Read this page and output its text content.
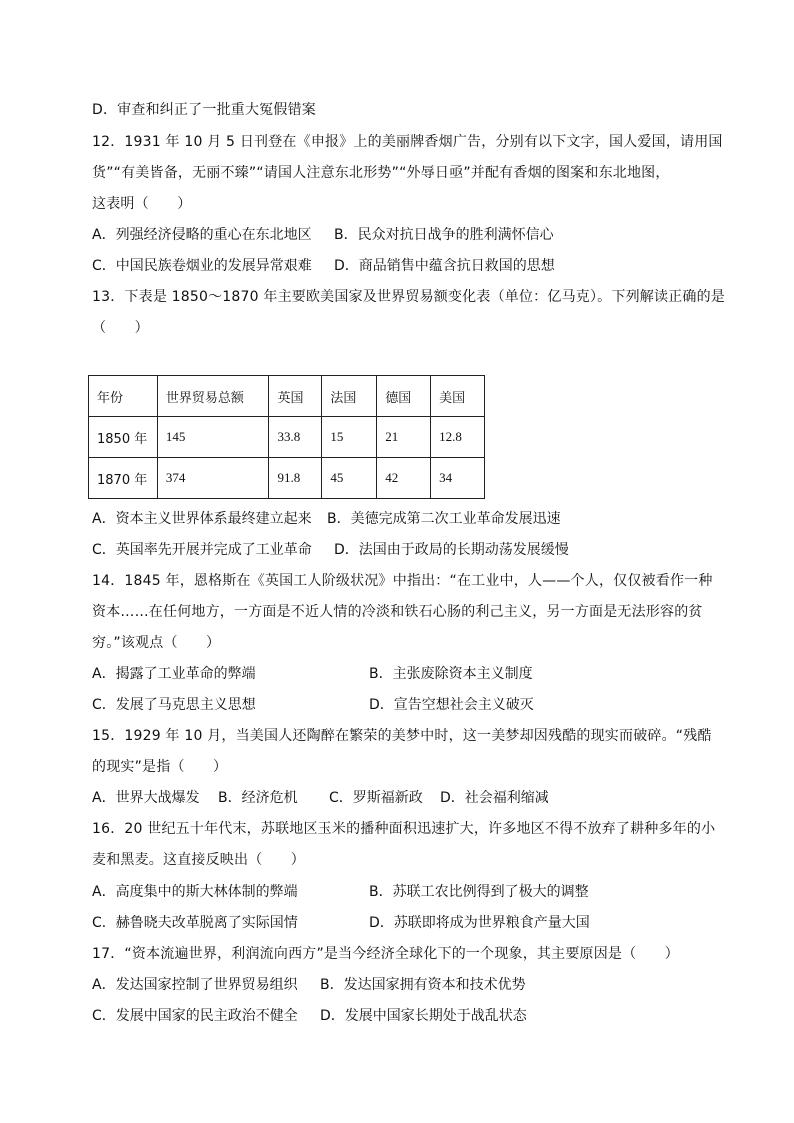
D．审查和纠正了一批重大冤假错案
12．1931 年 10 月 5 日刊登在《申报》上的美丽牌香烟广告，分别有以下文字，国人爱国，请用国
货”“有美皆备，无丽不臻”“请国人注意东北形势”“外辱日亟”并配有香烟的图案和东北地图，
这表明（　　）
A．列强经济侵略的重心在东北地区 B．民众对抗日战争的胜利满怀信心
C．中国民族卷烟业的发展异常艰难 D．商品销售中蕴含抗日救国的思想
13．下表是 1850～1870 年主要欧美国家及世界贸易额变化表（单位：亿马克）。下列解读正确的是
（　　）
年份	世界贸易总额	英国	法国	德国	美国
1850 年	145	33.8	15	21	12.8
1870 年	374	91.8	45	42	34
A．资本主义世界体系最终建立起来 B．美德完成第二次工业革命发展迅速
C．英国率先开展并完成了工业革命 D．法国由于政局的长期动荡发展缓慢
14．1845 年，恩格斯在《英国工人阶级状况》中指出：“在工业中，人——个人，仅仅被看作一种
资本……在任何地方，一方面是不近人情的冷淡和铁石心肠的利己主义，另一方面是无法形容的贫
穷。”该观点（　　）
A．揭露了工业革命的弊端	B．主张废除资本主义制度
C．发展了马克思主义思想	D．宣告空想社会主义破灭
15．1929 年 10 月，当美国人还陶醉在繁荣的美梦中时，这一美梦却因残酷的现实而破碎。“残酷
的现实”是指（　　）
A．世界大战爆发 B．经济危机 C．罗斯福新政 D．社会福利缩减
16．20 世纪五十年代末，苏联地区玉米的播种面积迅速扩大，许多地区不得不放弃了耕种多年的小
麦和黑麦。这直接反映出（　　）
A．高度集中的斯大林体制的弊端	B．苏联工农比例得到了极大的调整
C．赫鲁晓夫改革脱离了实际国情	D．苏联即将成为世界粮食产量大国
17．“资本流遍世界，利润流向西方”是当今经济全球化下的一个现象，其主要原因是（　　）
A．发达国家控制了世界贸易组织 B．发达国家拥有资本和技术优势
C．发展中国家的民主政治不健全 D．发展中国家长期处于战乱状态
